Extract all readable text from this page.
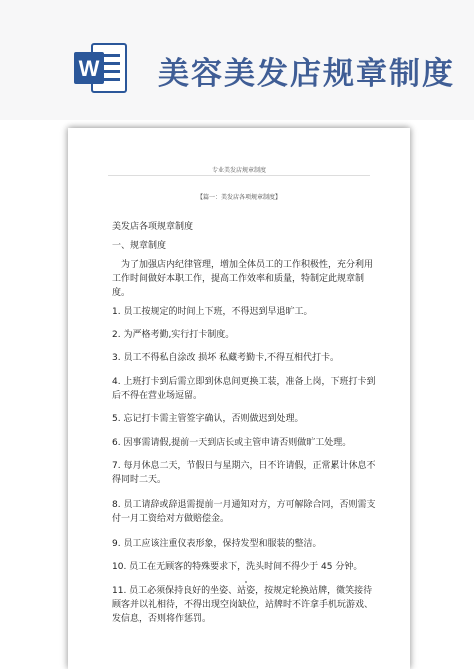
W 美容美发店规章制度
专业美发店规章制度
【篇一：美发店各项规章制度】

美发店各项规章制度

一、规章制度

为了加强店内纪律管理，增加全体员工的工作积极性，充分利用工作时间做好本职工作，提高工作效率和质量，特制定此规章制度。

1. 员工按规定的时间上下班，不得迟到早退旷工。

2. 为严格考勤,实行打卡制度。

3. 员工不得私自涂改 损坏 私藏考勤卡,不得互相代打卡。

4. 上班打卡到后需立即到休息间更换工装，准备上岗，下班打卡到后不得在营业场逗留。

5. 忘记打卡需主管签字确认，否则做迟到处理。

6. 因事需请假,提前一天到店长或主管申请否则做旷工处理。

7. 每月休息二天，节假日与星期六，日不许请假，正常累计休息不得同时二天。

8. 员工请辞或辞退需提前一月通知对方，方可解除合同，否则需支付一月工资给对方做赔偿金。

9. 员工应该注重仪表形象，保持发型和服装的整洁。

10. 员工在无顾客的特殊要求下，洗头时间不得少于 45 分钟。

11. 员工必须保持良好的坐姿、站姿，按规定轮换站牌，微笑接待顾客并以礼相待，不得出现空岗缺位，站牌时不许拿手机玩游戏、发信息，否则将作惩罚。
